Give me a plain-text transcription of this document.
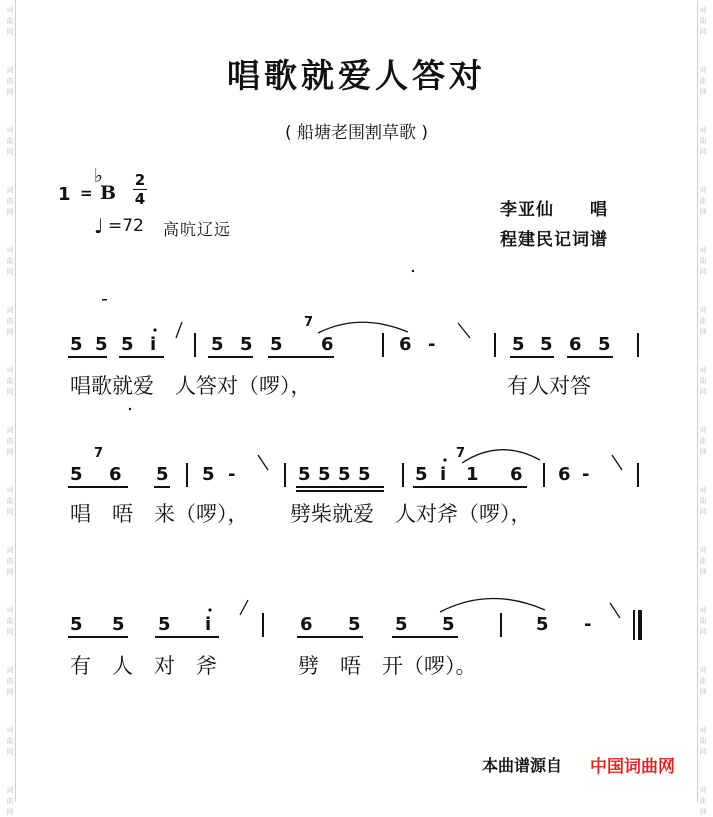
词
曲
网
词
曲
网
词
曲
网
词
曲
网
词
曲
网
词
曲
网
词
曲
网
词
曲
网
词
曲
网
词
曲
网
词
曲
网
词
曲
网
词
曲
网
词
曲
网
词
曲
网
词
曲
网
词
曲
网
词
曲
网
词
曲
网
词
曲
网
词
曲
网
词
曲
网
词
曲
网
词
曲
网
词
曲
网
词
曲
网
词
曲
网
词
曲
网
唱歌就爱人答对
( 船塘老围割草歌 )
1 =
♭
B
2
4
♩ =72 高吭辽远
李亚仙　　唱
程建民记词谱
5 5 5 i	5 5 5 6	6 -	5 5 6 5
7
唱歌就爱　人答对（啰），	有人对答
5 6 5 5 -	5 5 5 5 5 i 1 6 6 -
7	7
唱　唔　来（啰）， 劈柴就爱　人对斧（啰），
5 5 5 i	6 5 5 5	5 -
有　人　对　斧	劈　唔　开（啰）。
本曲谱源自 中国词曲网
